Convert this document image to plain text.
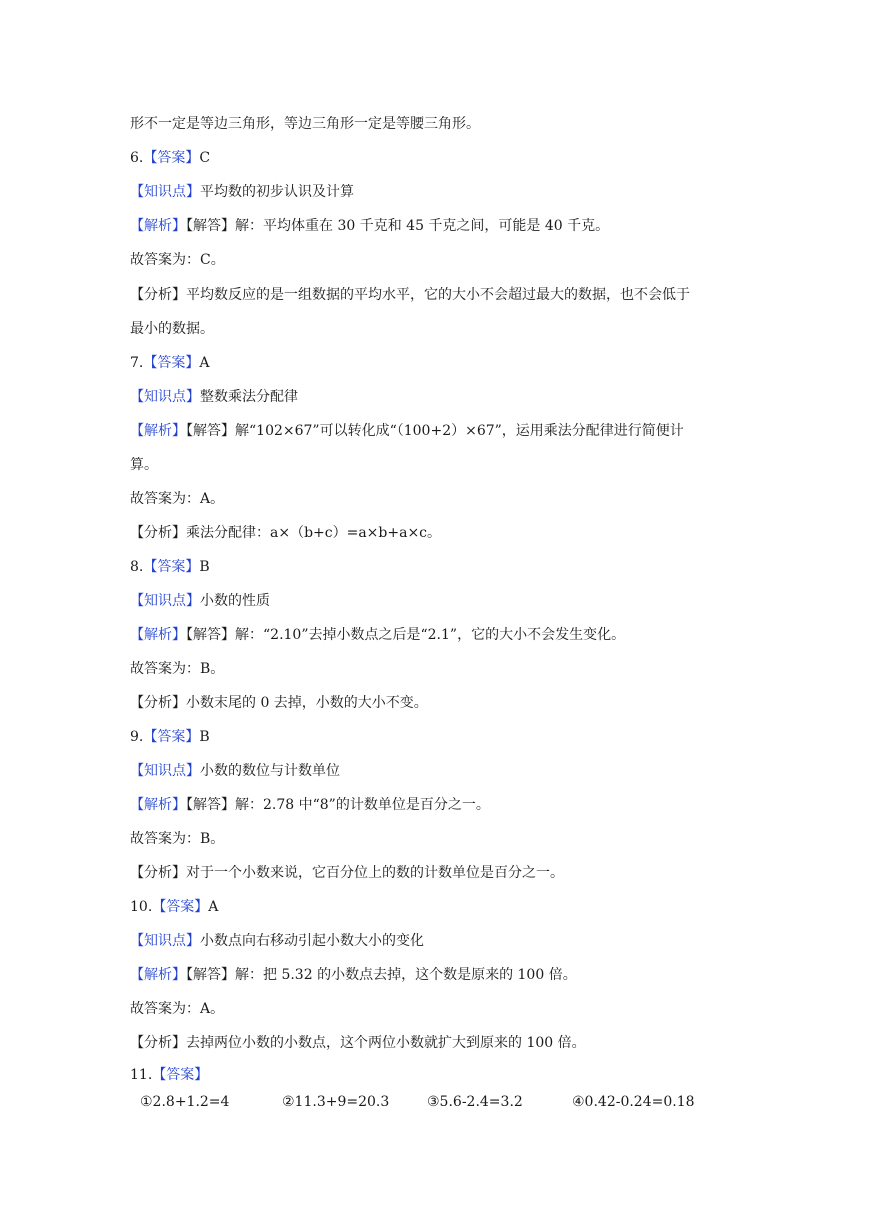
形不一定是等边三角形，等边三角形一定是等腰三角形。
6.【答案】C
【知识点】平均数的初步认识及计算
【解析】【解答】解：平均体重在 30 千克和 45 千克之间，可能是 40 千克。
故答案为：C。
【分析】平均数反应的是一组数据的平均水平，它的大小不会超过最大的数据，也不会低于
最小的数据。
7.【答案】A
【知识点】整数乘法分配律
【解析】【解答】解“102×67”可以转化成“（100+2）×67”，运用乘法分配律进行简便计
算。
故答案为：A。
【分析】乘法分配律：a×（b+c）=a×b+a×c。
8.【答案】B
【知识点】小数的性质
【解析】【解答】解：“2.10”去掉小数点之后是“2.1”，它的大小不会发生变化。
故答案为：B。
【分析】小数末尾的 0 去掉，小数的大小不变。
9.【答案】B
【知识点】小数的数位与计数单位
【解析】【解答】解：2.78 中“8”的计数单位是百分之一。
故答案为：B。
【分析】对于一个小数来说，它百分位上的数的计数单位是百分之一。
10.【答案】A
【知识点】小数点向右移动引起小数大小的变化
【解析】【解答】解：把 5.32 的小数点去掉，这个数是原来的 100 倍。
故答案为：A。
【分析】去掉两位小数的小数点，这个两位小数就扩大到原来的 100 倍。
11.【答案】
①2.8+1.2=4	②11.3+9=20.3	③5.6-2.4=3.2	④0.42-0.24=0.18
